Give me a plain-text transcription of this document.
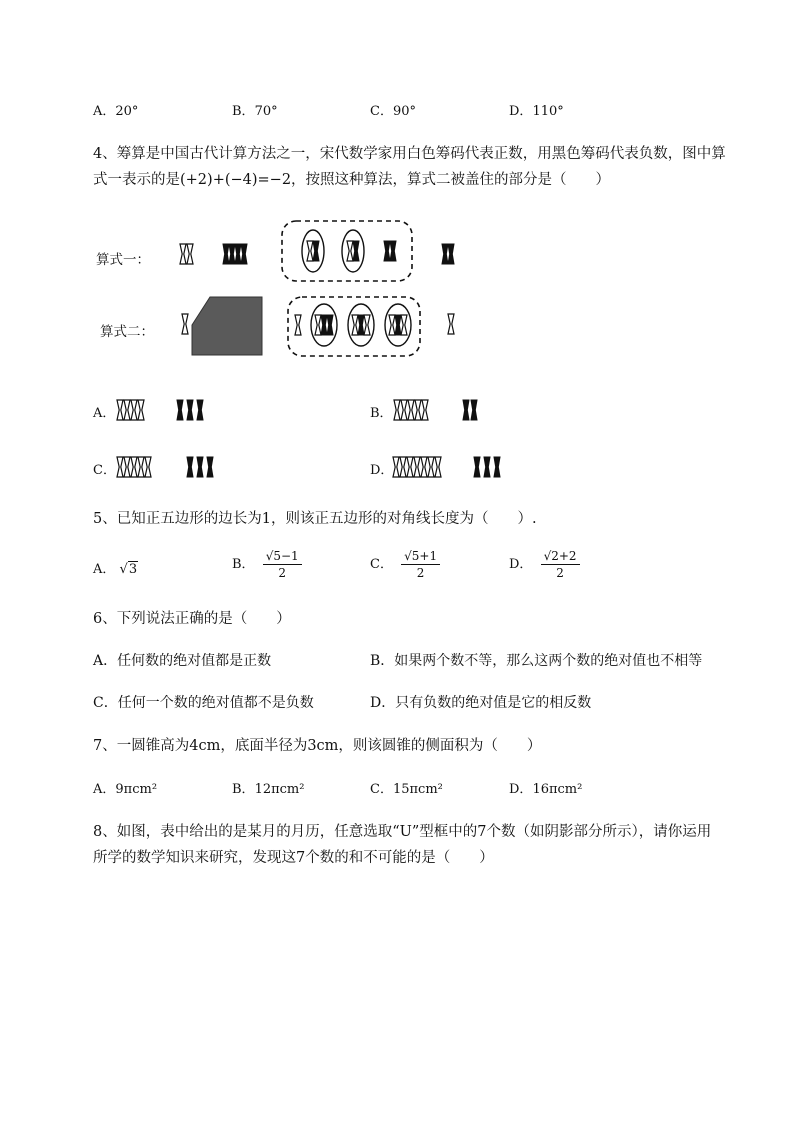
A．20°	B．70°	C．90°	D．110°
4、筹算是中国古代计算方法之一，宋代数学家用白色筹码代表正数，用黑色筹码代表负数，图中算
式一表示的是(+2)+(−4)=−2，按照这种算法，算式二被盖住的部分是（　　）
算式一：
算式二：
A．	B．
C．	D．
5、已知正五边形的边长为1，则该正五边形的对角线长度为（　　）.
A． √3	B． $\frac{√5-1}{2}$	C． $\frac{√5+1}{2}$	D． $\frac{√2+2}{2}$
6、下列说法正确的是（　　）
A．任何数的绝对值都是正数	B．如果两个数不等，那么这两个数的绝对值也不相等
C．任何一个数的绝对值都不是负数	D．只有负数的绝对值是它的相反数
7、一圆锥高为4cm，底面半径为3cm，则该圆锥的侧面积为（　　）
A．9πcm²	B．12πcm²	C．15πcm²	D．16πcm²
8、如图，表中给出的是某月的月历，任意选取“U”型框中的7个数（如阴影部分所示），请你运用
所学的数学知识来研究，发现这7个数的和不可能的是（　　）
